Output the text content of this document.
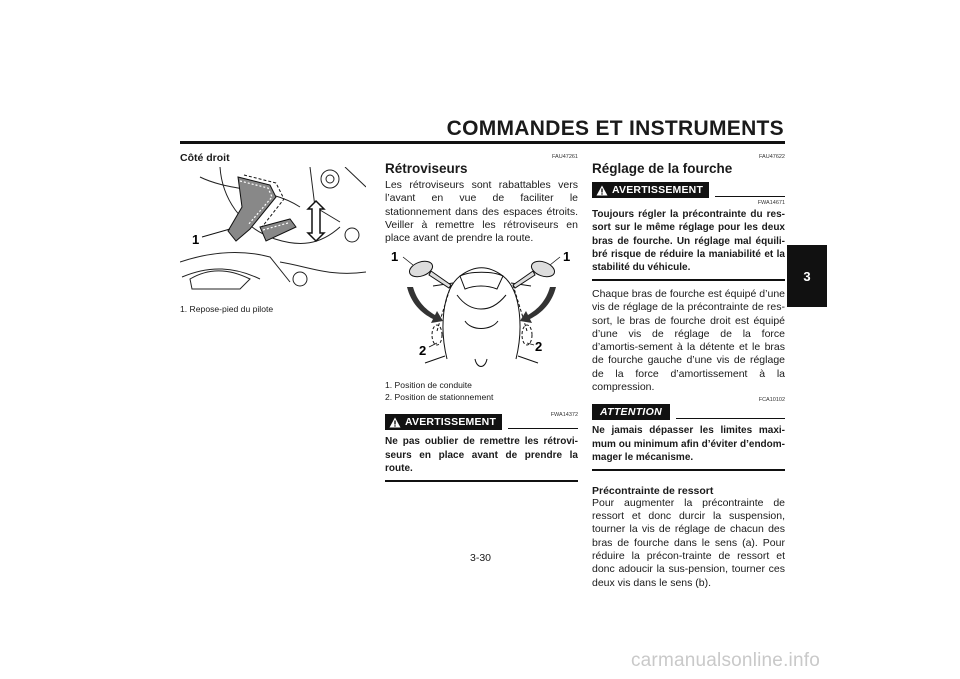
COMMANDES ET INSTRUMENTS
3
Côté droit
1
1. Repose-pied du pilote
FAU47261
Rétroviseurs
Les rétroviseurs sont rabattables vers l’avant en vue de faciliter le stationnement dans des espaces étroits. Veiller à remettre les rétroviseurs en place avant de prendre la route.
1	1
2	2
1. Position de conduite
2. Position de stationnement
FWA14372
AVERTISSEMENT
Ne pas oublier de remettre les rétrovi-seurs en place avant de prendre la route.
FAU47622
Réglage de la fourche
AVERTISSEMENT
FWA14671
Toujours régler la précontrainte du res-sort sur le même réglage pour les deux bras de fourche. Un réglage mal équili-bré risque de réduire la maniabilité et la stabilité du véhicule.
Chaque bras de fourche est équipé d’une vis de réglage de la précontrainte de res-sort, le bras de fourche droit est équipé d’une vis de réglage de la force d’amortis-sement à la détente et le bras de fourche gauche d’une vis de réglage de la force d’amortissement à la compression.
FCA10102
ATTENTION
Ne jamais dépasser les limites maxi-mum ou minimum afin d’éviter d’endom-mager le mécanisme.
Précontrainte de ressort
Pour augmenter la précontrainte de ressort et donc durcir la suspension, tourner la vis de réglage de chacun des bras de fourche dans le sens (a). Pour réduire la précon-trainte de ressort et donc adoucir la sus-pension, tourner ces deux vis dans le sens (b).
3-30
carmanualsonline.info
